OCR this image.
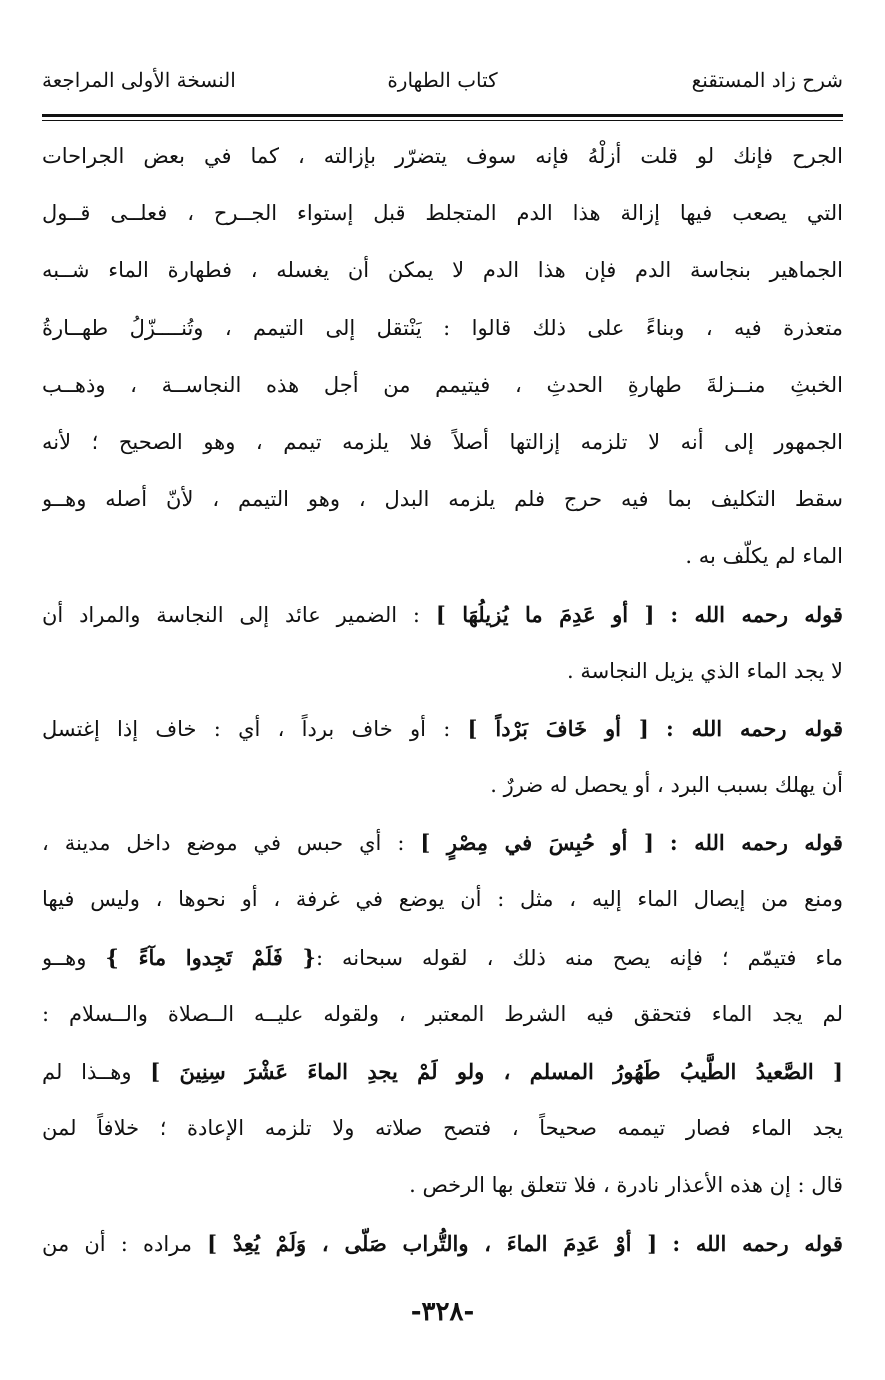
شرح زاد المستقنع
كتاب الطهارة
النسخة الأولى المراجعة
الجرح فإنك لو قلت أزلْهُ فإنه سوف يتضرّر بإزالته ، كما في بعض الجراحات
التي يصعب فيها إزالة هذا الدم المتجلط قبل إستواء الجــرح ، فعلــى قــول
الجماهير بنجاسة الدم فإن هذا الدم لا يمكن أن يغسله ، فطهارة الماء شــبه
متعذرة فيه ، وبناءً على ذلك قالوا : يَنْتقل إلى التيمم ، وتُنــــزّلُ طهــارةُ
الخبثِ منــزلةَ طهارةِ الحدثِ ، فيتيمم من أجل هذه النجاســة ، وذهــب
الجمهور إلى أنه لا تلزمه إزالتها أصلاً فلا يلزمه تيمم ، وهو الصحيح ؛ لأنه
سقط التكليف بما فيه حرج فلم يلزمه البدل ، وهو التيمم ، لأنّ أصله وهــو
الماء لم يكلّف به .
قوله رحمه الله : [ أو عَدِمَ ما يُزيلُهَا ] : الضمير عائد إلى النجاسة والمراد أن
لا يجد الماء الذي يزيل النجاسة .
قوله رحمه الله : [ أو خَافَ بَرْداً ] : أو خاف برداً ، أي : خاف إذا إغتسل
أن يهلك بسبب البرد ، أو يحصل له ضررٌ .
قوله رحمه الله : [ أو حُبِسَ في مِصْرٍ ] : أي حبس في موضع داخل مدينة ،
ومنع من إيصال الماء إليه ، مثل : أن يوضع في غرفة ، أو نحوها ، وليس فيها
ماء فتيمّم ؛ فإنه يصح منه ذلك ، لقوله سبحانه :{ فَلَمْ تَجِدوا مآءً } وهــو
لم يجد الماء فتحقق فيه الشرط المعتبر ، ولقوله عليــه الــصلاة والــسلام :
[ الصَّعيدُ الطَّيبُ طَهُورُ المسلم ، ولو لَمْ يجدِ الماءَ عَشْرَ سِنِينَ ] وهــذا لم
يجد الماء فصار تيممه صحيحاً ، فتصح صلاته ولا تلزمه الإعادة ؛ خلافاً لمن
قال : إن هذه الأعذار نادرة ، فلا تتعلق بها الرخص .
قوله رحمه الله : [ أوْ عَدِمَ الماءَ ، والتُّراب صَلّى ، وَلَمْ يُعِدْ ] مراده : أن من
-٣٢٨-
